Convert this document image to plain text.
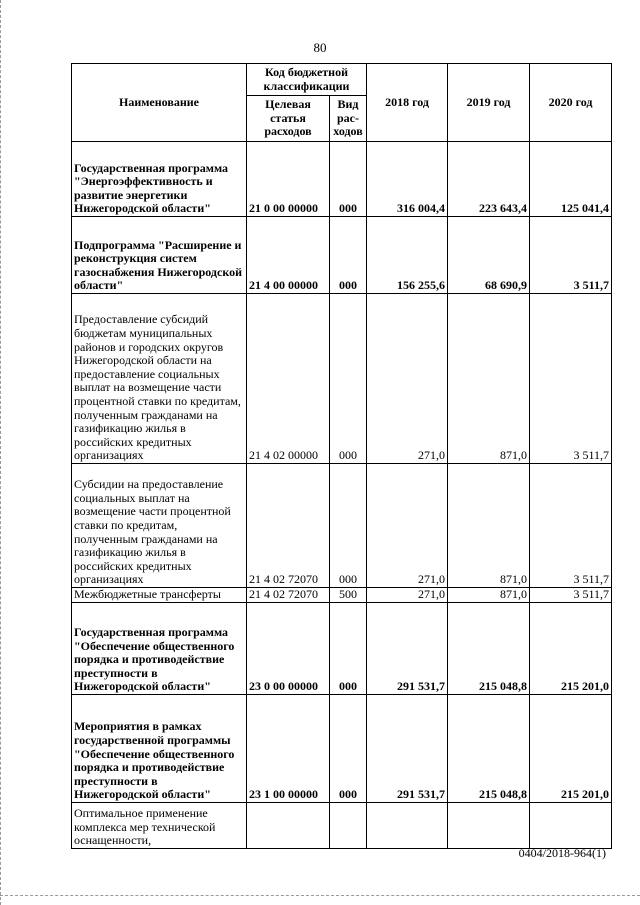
80
Наименование	Код бюджетной классификации		2018 год	2019 год	2020 год
	Целевая статья расходов	Вид рас-ходов			
Государственная программа "Энергоэффективность и развитие энергетики Нижегородской области"	21 0 00 00000	000	316 004,4	223 643,4	125 041,4
Подпрограмма "Расширение и реконструкция систем газоснабжения Нижегородской области"	21 4 00 00000	000	156 255,6	68 690,9	3 511,7
Предоставление субсидий бюджетам муниципальных районов и городских округов Нижегородской области на предоставление социальных выплат на возмещение части процентной ставки по кредитам, полученным гражданами на газификацию жилья в российских кредитных организациях	21 4 02 00000	000	271,0	871,0	3 511,7
Субсидии на предоставление социальных выплат на возмещение части процентной ставки по кредитам, полученным гражданами на газификацию жилья в российских кредитных организациях	21 4 02 72070	000	271,0	871,0	3 511,7
Межбюджетные трансферты	21 4 02 72070	500	271,0	871,0	3 511,7
Государственная программа "Обеспечение общественного порядка и противодействие преступности в Нижегородской области"	23 0 00 00000	000	291 531,7	215 048,8	215 201,0
Мероприятия в рамках государственной программы "Обеспечение общественного порядка и противодействие преступности в Нижегородской области"	23 1 00 00000	000	291 531,7	215 048,8	215 201,0
Оптимальное применение комплекса мер технической оснащенности,					
0404/2018-964(1)
